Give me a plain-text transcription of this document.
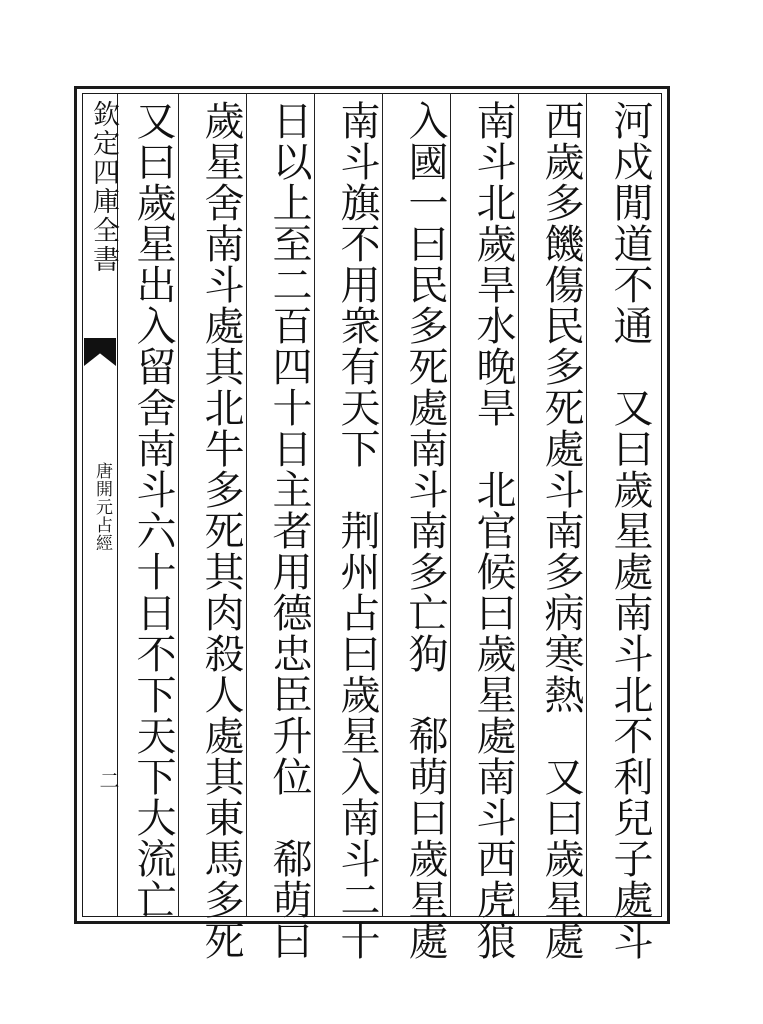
欽定四庫全書
唐開元占經
二	河戍閒道不通　又曰歲星處南斗北不利兒子處斗
西歲多饑傷民多死處斗南多病寒熱　又曰歲星處
南斗北歲旱水晚旱　北官候曰歲星處南斗西虎狼
入國一曰民多死處南斗南多亡狗　郗萌曰歲星處
南斗旗不用衆有天下　荆州占曰歲星入南斗二十
日以上至二百四十日主者用德忠臣升位　郗萌曰
歲星舍南斗處其北牛多死其肉殺人處其東馬多死
又曰歲星出入留舍南斗六十日不下天下大流亡
